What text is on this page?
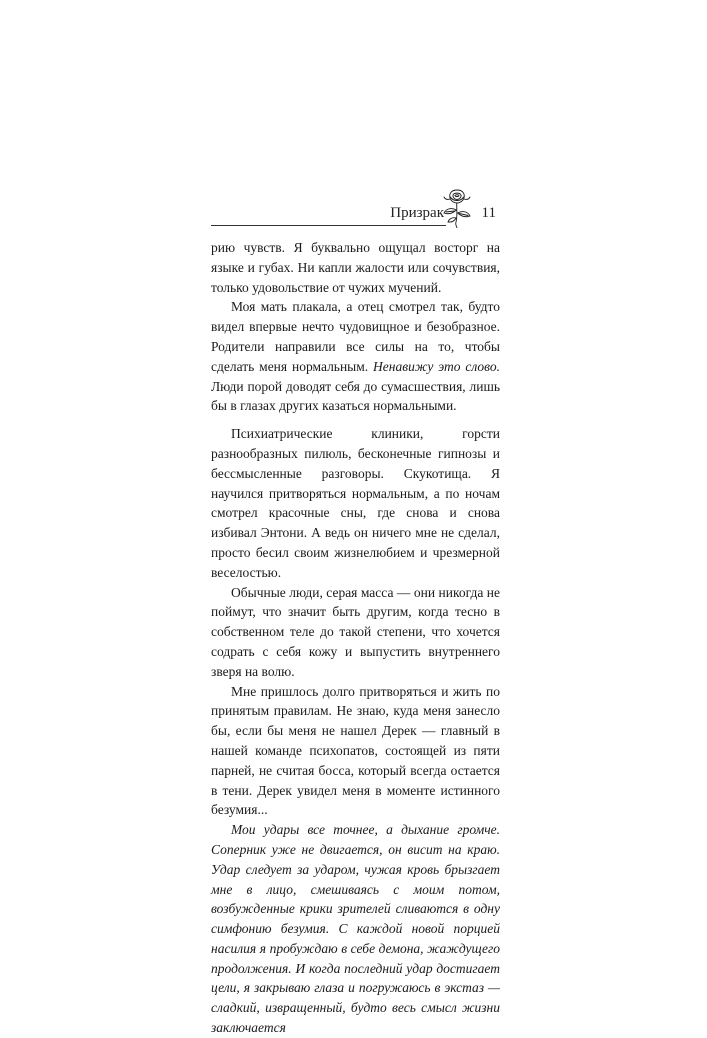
Призрак	11

рию чувств. Я буквально ощущал восторг на языке и губах. Ни капли жалости или сочувствия, только удовольствие от чужих мучений.

Моя мать плакала, а отец смотрел так, будто видел впервые нечто чудовищное и безобразное. Родители направили все силы на то, чтобы сделать меня нормальным. Ненавижу это слово. Люди порой доводят себя до сумасшествия, лишь бы в глазах других казаться нормальными.

Психиатрические клиники, горсти разнообразных пилюль, бесконечные гипнозы и бессмысленные разговоры. Скукотища. Я научился притворяться нормальным, а по ночам смотрел красочные сны, где снова и снова избивал Энтони. А ведь он ничего мне не сделал, просто бесил своим жизнелюбием и чрезмерной веселостью.

Обычные люди, серая масса — они никогда не поймут, что значит быть другим, когда тесно в собственном теле до такой степени, что хочется содрать с себя кожу и выпустить внутреннего зверя на волю.

Мне пришлось долго притворяться и жить по принятым правилам. Не знаю, куда меня занесло бы, если бы меня не нашел Дерек — главный в нашей команде психопатов, состоящей из пяти парней, не считая босса, который всегда остается в тени. Дерек увидел меня в моменте истинного безумия...

Мои удары все точнее, а дыхание громче. Соперник уже не двигается, он висит на краю. Удар следует за ударом, чужая кровь брызгает мне в лицо, смешиваясь с моим потом, возбужденные крики зрителей сливаются в одну симфонию безумия. С каждой новой порцией насилия я пробуждаю в себе демона, жаждущего продолжения. И когда последний удар достигает цели, я закрываю глаза и погружаюсь в экстаз — сладкий, извращенный, будто весь смысл жизни заключается
